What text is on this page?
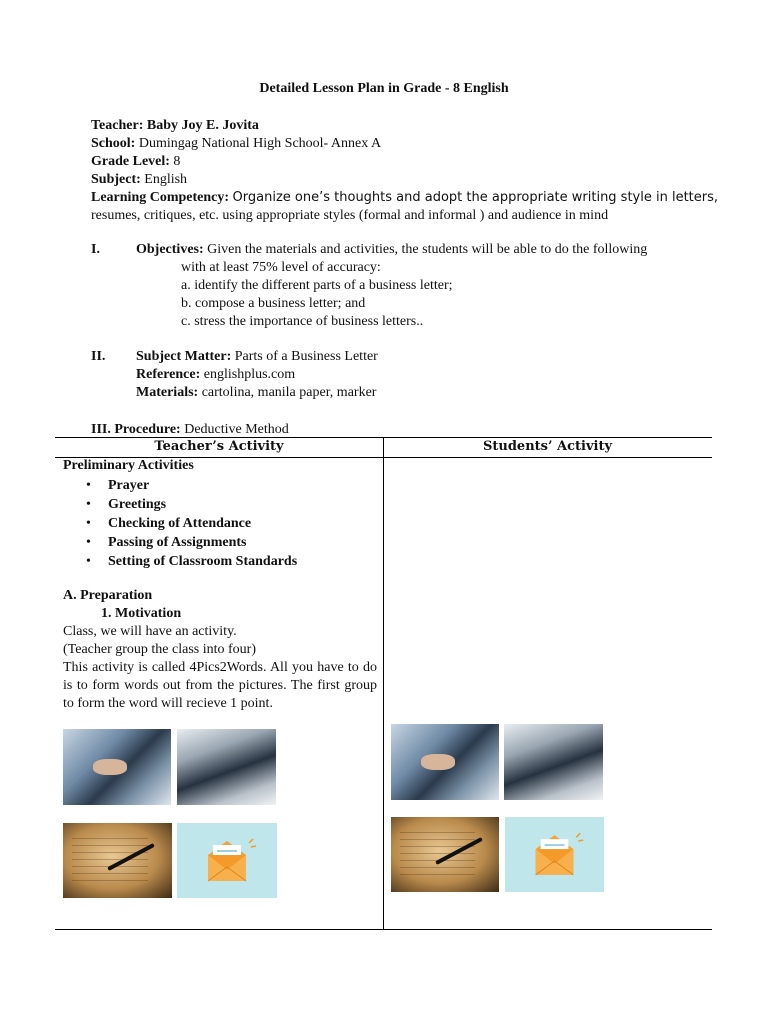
Detailed Lesson Plan in Grade - 8 English
Teacher: Baby Joy E. Jovita
School: Dumingag National High School- Annex A
Grade Level: 8
Subject: English
Learning Competency: Organize one’s thoughts and adopt the appropriate writing style in letters,
resumes, critiques, etc. using appropriate styles (formal and informal ) and audience in mind
I.	Objectives: Given the materials and activities, the students will be able to do the following
with at least 75% level of accuracy:
a. identify the different parts of a business letter;
b. compose a business letter; and
c. stress the importance of business letters..
II. Subject Matter: Parts of a Business Letter
Reference: englishplus.com
Materials: cartolina, manila paper, marker
III. Procedure: Deductive Method
Teacher’s Activity	Students’ Activity
Preliminary Activities
• Prayer
• Greetings
• Checking of Attendance
• Passing of Assignments
• Setting of Classroom Standards
A. Preparation
1. Motivation
Class, we will have an activity.
(Teacher group the class into four)
This activity is called 4Pics2Words. All you have to do is to form words out from the pictures. The first group to form the word will recieve 1 point.
